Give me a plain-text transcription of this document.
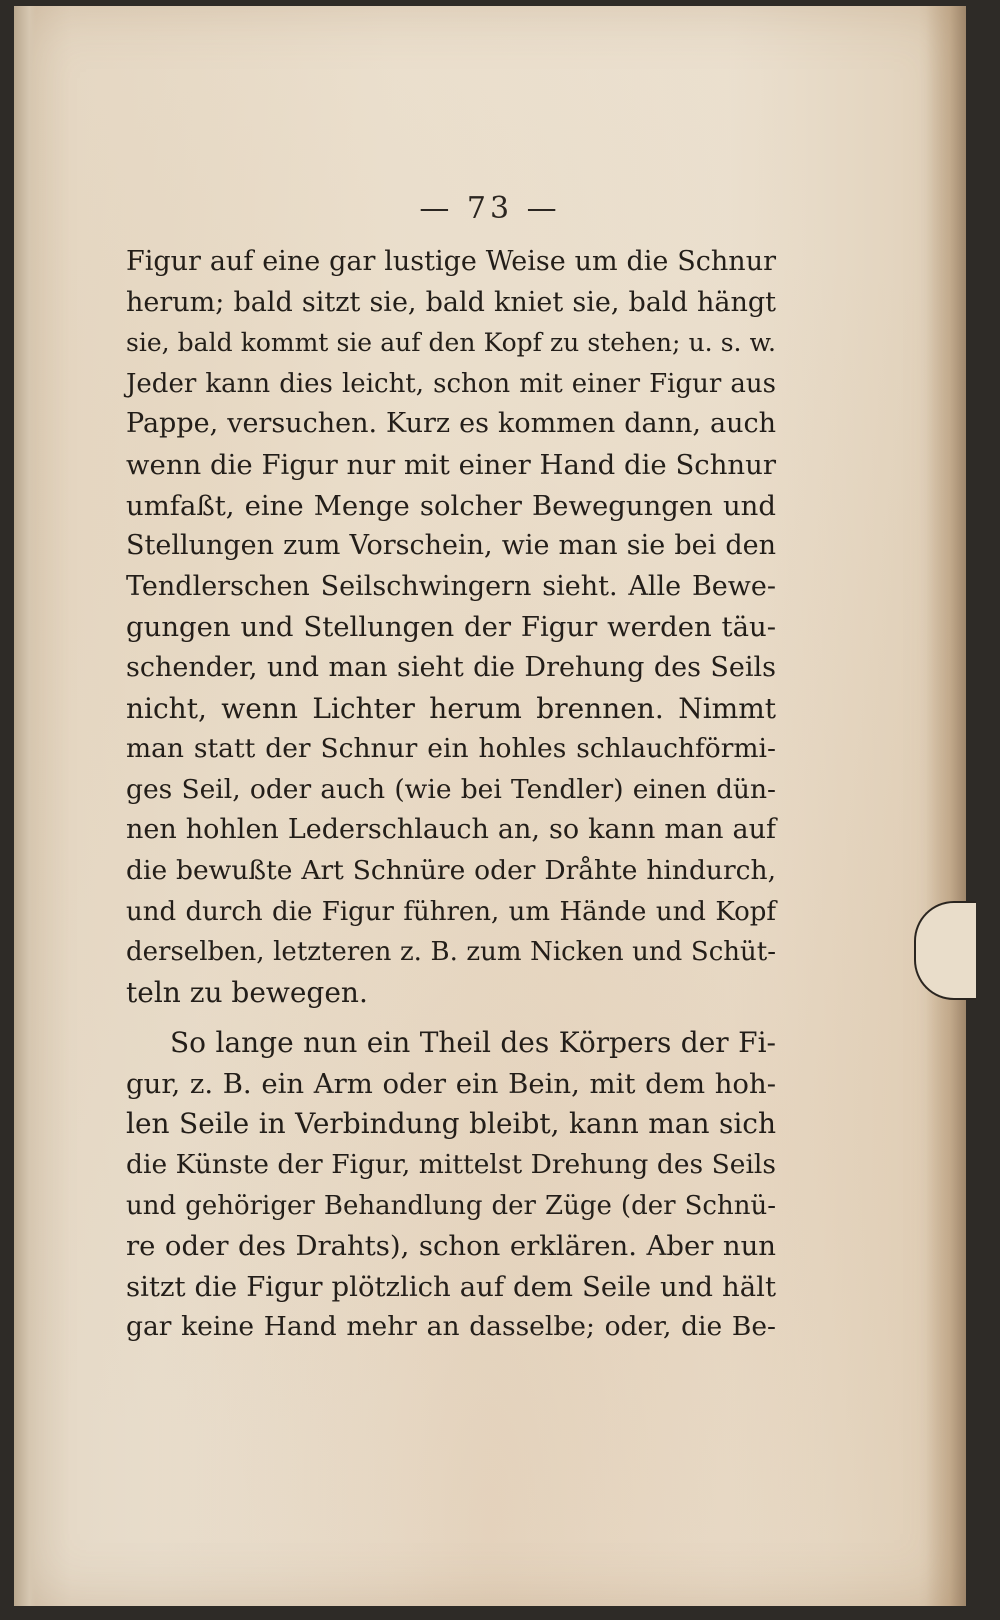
— 73 —
Figur auf eine gar lustige Weise um die Schnur
herum; bald sitzt sie, bald kniet sie, bald hängt
sie, bald kommt sie auf den Kopf zu stehen; u. s. w.
Jeder kann dies leicht, schon mit einer Figur aus
Pappe, versuchen. Kurz es kommen dann, auch
wenn die Figur nur mit einer Hand die Schnur
umfaßt, eine Menge solcher Bewegungen und
Stellungen zum Vorschein, wie man sie bei den
Tendlerschen Seilschwingern sieht. Alle Bewe-
gungen und Stellungen der Figur werden täu-
schender, und man sieht die Drehung des Seils
nicht, wenn Lichter herum brennen. Nimmt
man statt der Schnur ein hohles schlauchförmi-
ges Seil, oder auch (wie bei Tendler) einen dün-
nen hohlen Lederschlauch an, so kann man auf
die bewußte Art Schnüre oder Dråhte hindurch,
und durch die Figur führen, um Hände und Kopf
derselben, letzteren z. B. zum Nicken und Schüt-
teln zu bewegen.
So lange nun ein Theil des Körpers der Fi-
gur, z. B. ein Arm oder ein Bein, mit dem hoh-
len Seile in Verbindung bleibt, kann man sich
die Künste der Figur, mittelst Drehung des Seils
und gehöriger Behandlung der Züge (der Schnü-
re oder des Drahts), schon erklären. Aber nun
sitzt die Figur plötzlich auf dem Seile und hält
gar keine Hand mehr an dasselbe; oder, die Be-
